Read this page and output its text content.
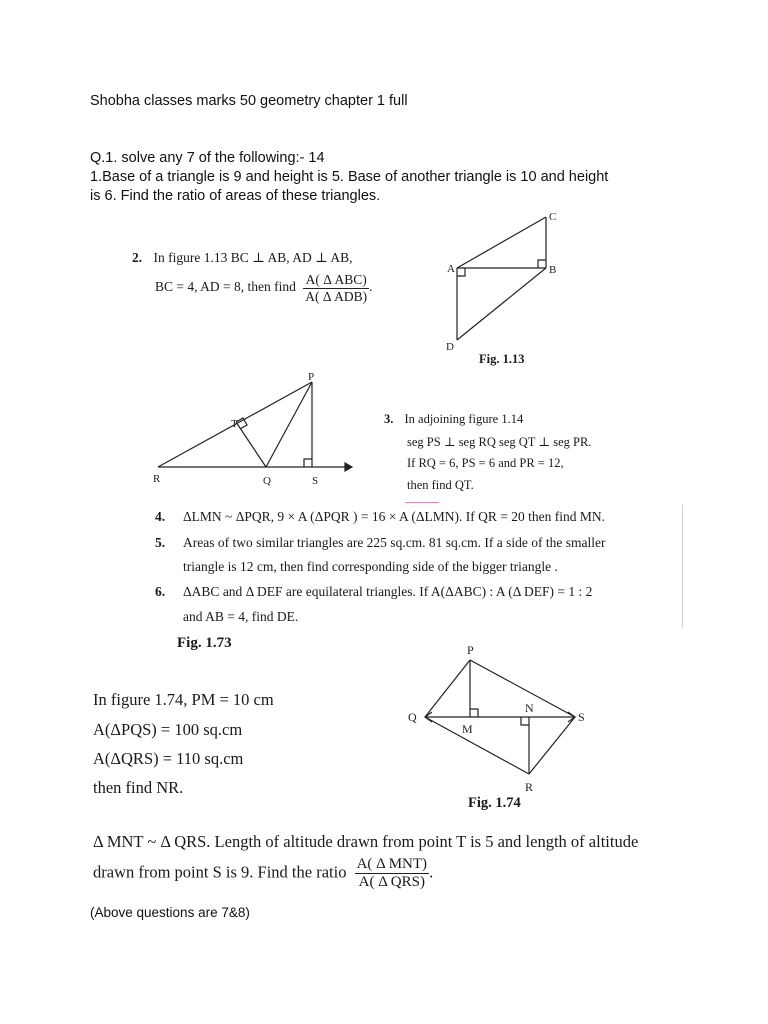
Shobha classes marks 50 geometry chapter 1 full
Q.1. solve any 7 of the following:- 14
1.Base of a triangle is 9 and height is 5. Base of another triangle is 10 and height
is 6. Find the ratio of areas of these triangles.
2. In figure 1.13 BC ⊥ AB, AD ⊥ AB,
BC = 4, AD = 8, then find $\frac{\text{A( Δ ABC)}}{\text{A( Δ ADB)}}$ .
A	B
C
D
Fig. 1.13
P
T
R	Q	S
3. In adjoining figure 1.14
seg PS ⊥ seg RQ seg QT ⊥ seg PR.
If RQ = 6, PS = 6 and PR = 12,
then find QT.
4. ΔLMN ~ ΔPQR, 9 × A (ΔPQR ) = 16 × A (ΔLMN). If QR = 20 then find MN.
5. Areas of two similar triangles are 225 sq.cm. 81 sq.cm. If a side of the smaller
triangle is 12 cm, then find corresponding side of the bigger triangle .
6. ΔABC and Δ DEF are equilateral triangles. If A(ΔABC) : A (Δ DEF) = 1 : 2
and AB = 4, find DE.
Fig. 1.73
In figure 1.74, PM = 10 cm
A(ΔPQS) = 100 sq.cm
A(ΔQRS) = 110 sq.cm
then find NR.
P
Q
M
N
S
R
Fig. 1.74
Δ MNT ~ Δ QRS. Length of altitude drawn from point T is 5 and length of altitude
drawn from point S is 9. Find the ratio $\frac{\text{A( Δ MNT)}}{\text{A( Δ QRS)}}$ .
(Above questions are 7&8)
